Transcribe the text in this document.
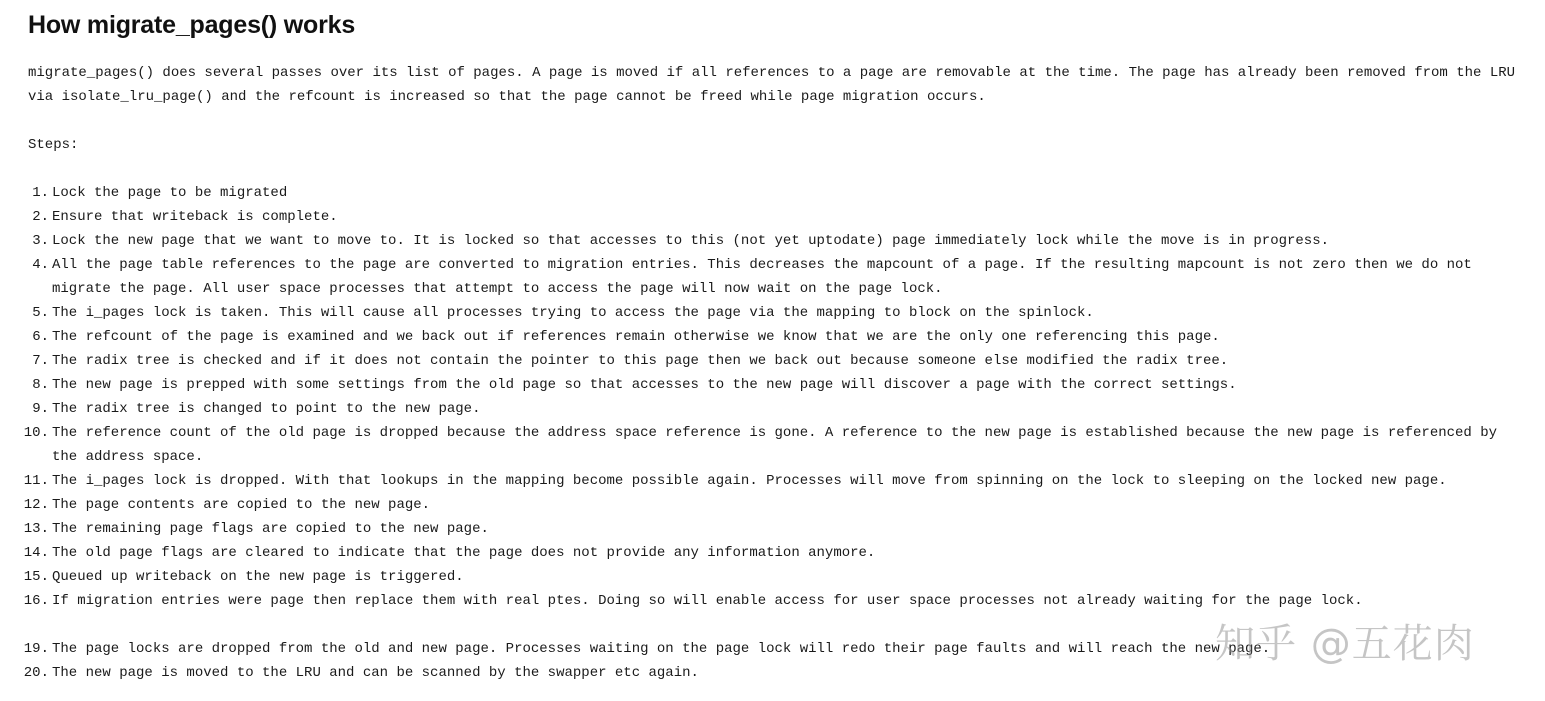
How migrate_pages() works
migrate_pages() does several passes over its list of pages. A page is moved if all references to a page are removable at the time. The page has already been removed from the LRU via isolate_lru_page() and the refcount is increased so that the page cannot be freed while page migration occurs.
Steps:
1. Lock the page to be migrated
2. Ensure that writeback is complete.
3. Lock the new page that we want to move to. It is locked so that accesses to this (not yet uptodate) page immediately lock while the move is in progress.
4. All the page table references to the page are converted to migration entries. This decreases the mapcount of a page. If the resulting mapcount is not zero then we do not migrate the page. All user space processes that attempt to access the page will now wait on the page lock.
5. The i_pages lock is taken. This will cause all processes trying to access the page via the mapping to block on the spinlock.
6. The refcount of the page is examined and we back out if references remain otherwise we know that we are the only one referencing this page.
7. The radix tree is checked and if it does not contain the pointer to this page then we back out because someone else modified the radix tree.
8. The new page is prepped with some settings from the old page so that accesses to the new page will discover a page with the correct settings.
9. The radix tree is changed to point to the new page.
10. The reference count of the old page is dropped because the address space reference is gone. A reference to the new page is established because the new page is referenced by the address space.
11. The i_pages lock is dropped. With that lookups in the mapping become possible again. Processes will move from spinning on the lock to sleeping on the locked new page.
12. The page contents are copied to the new page.
13. The remaining page flags are copied to the new page.
14. The old page flags are cleared to indicate that the page does not provide any information anymore.
15. Queued up writeback on the new page is triggered.
16. If migration entries were page then replace them with real ptes. Doing so will enable access for user space processes not already waiting for the page lock.
19. The page locks are dropped from the old and new page. Processes waiting on the page lock will redo their page faults and will reach the new page.
20. The new page is moved to the LRU and can be scanned by the swapper etc again.
知乎 @五花肉
